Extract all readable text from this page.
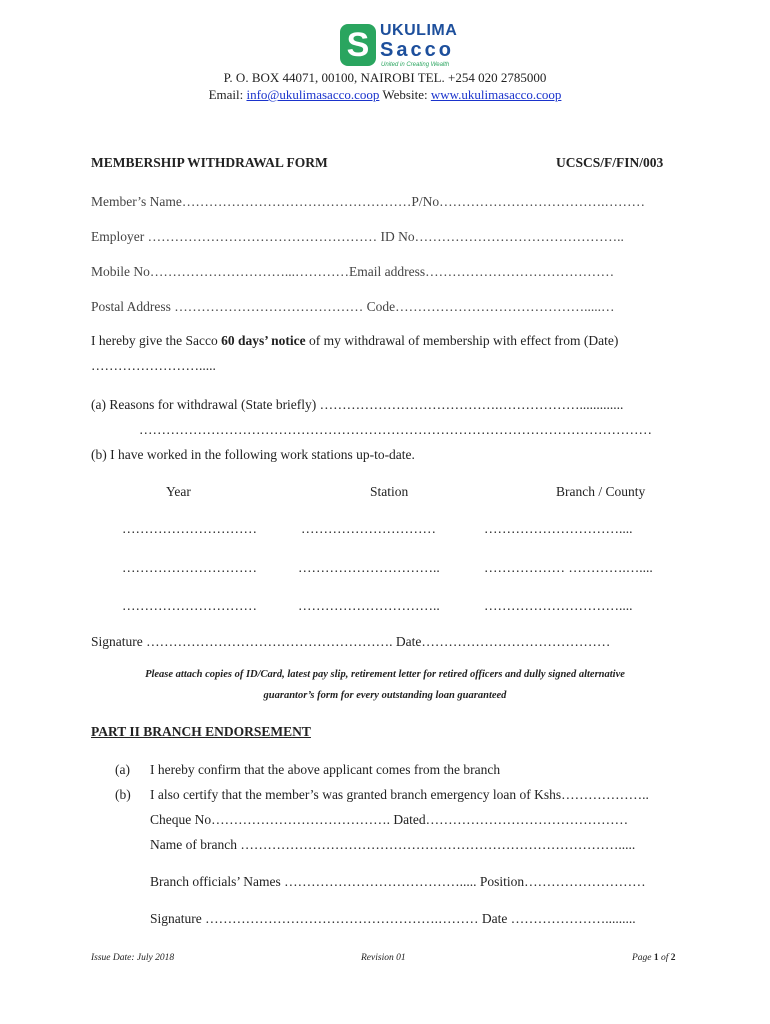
S UKULIMA
Sacco
United in Creating Wealth
P. O. BOX 44071, 00100, NAIROBI TEL. +254 020 2785000
Email: info@ukulimasacco.coop Website: www.ukulimasacco.coop
MEMBERSHIP WITHDRAWAL FORM	UCSCS/F/FIN/003
Member’s Name……………………………………………P/No……………………………….………
Employer …………………………………………… ID No………………………………………..
Mobile No…………………………...…………Email address……………………………………
Postal Address …………………………………… Code…………………………………….....…
I hereby give the Sacco 60 days’ notice of my withdrawal of membership with effect from (Date)
…………………….....
(a) Reasons for withdrawal (State briefly) ………………………………….……………….............
……………………………………………………………………………………………………
(b) I have worked in the following work stations up-to-date.
Year	Station	Branch / County
…………………………	…………………………	…………………………....
…………………………	…………………………..	……………… ………….…....
…………………………	…………………………..	…………………………....
Signature ………………………………………………. Date……………………………………
Please attach copies of ID/Card, latest pay slip, retirement letter for retired officers and dully signed alternative
guarantor’s form for every outstanding loan guaranteed
PART II BRANCH ENDORSEMENT
(a) I hereby confirm that the above applicant comes from the branch
(b) I also certify that the member’s was granted branch emergency loan of Kshs………………..
Cheque No…………………………………. Dated………………………………………
Name of branch ………………………………………………………………………….....
Branch officials’ Names …………………………………..... Position………………………
Signature …………………………………………….……… Date ………………….........
Issue Date: July 2018	Revision 01	Page 1 of 2
